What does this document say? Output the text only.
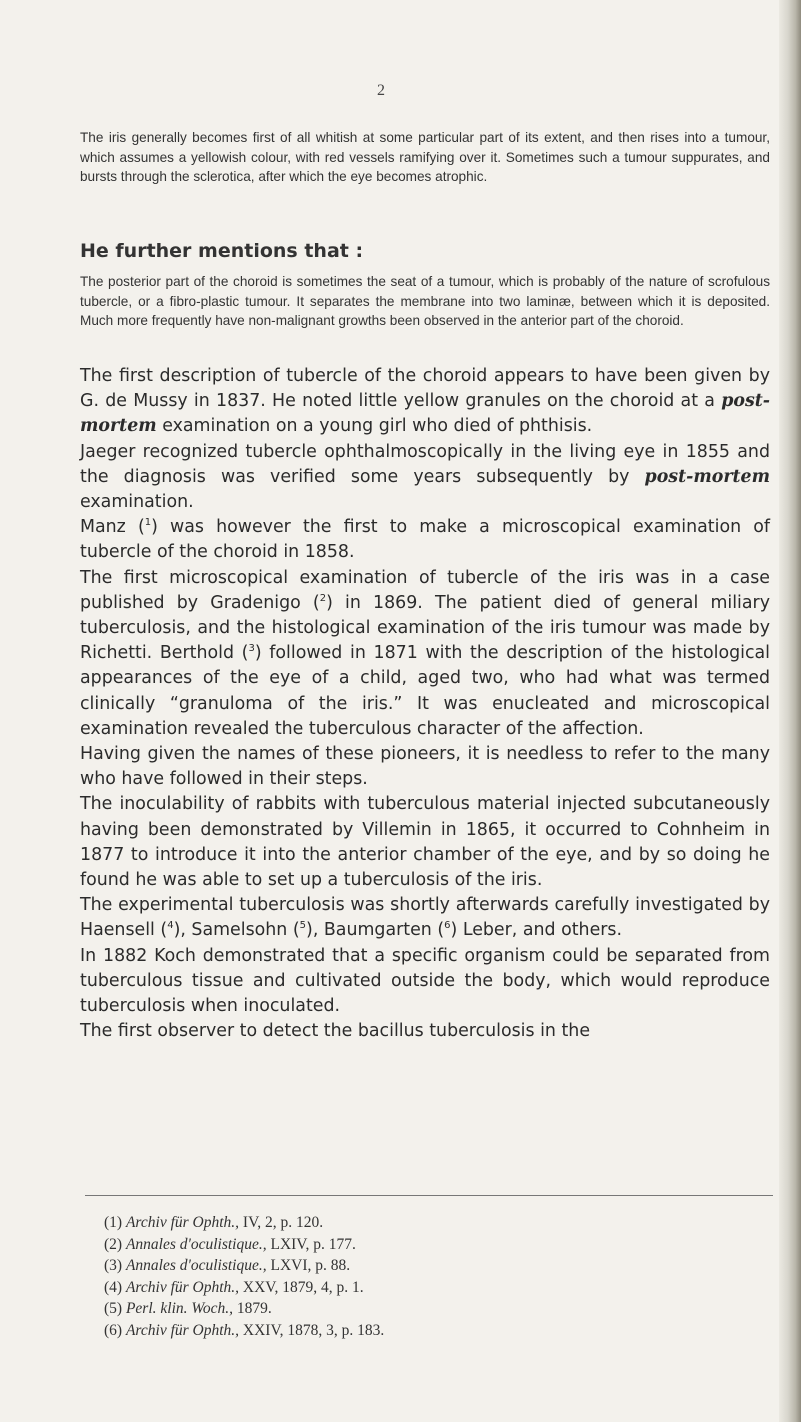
2

The iris generally becomes first of all whitish at some particular part of its extent, and then rises into a tumour, which assumes a yellowish colour, with red vessels ramifying over it. Sometimes such a tumour suppurates, and bursts through the sclerotica, after which the eye becomes atrophic.

He further mentions that :

The posterior part of the choroid is sometimes the seat of a tumour, which is probably of the nature of scrofulous tubercle, or a fibro-plastic tumour. It separates the membrane into two laminæ, between which it is deposited. Much more frequently have non-malignant growths been observed in the anterior part of the choroid.

The first description of tubercle of the choroid appears to have been given by G. de Mussy in 1837. He noted little yellow granules on the choroid at a post-mortem examination on a young girl who died of phthisis.
Jaeger recognized tubercle ophthalmoscopically in the living eye in 1855 and the diagnosis was verified some years subsequently by post-mortem examination.
Manz ($^1$) was however the first to make a microscopical examination of tubercle of the choroid in 1858.
The first microscopical examination of tubercle of the iris was in a case published by Gradenigo ($^2$) in 1869. The patient died of general miliary tuberculosis, and the histological examination of the iris tumour was made by Richetti. Berthold ($^3$) followed in 1871 with the description of the histological appearances of the eye of a child, aged two, who had what was termed clinically “granuloma of the iris.” It was enucleated and microscopical examination revealed the tuberculous character of the affection.
Having given the names of these pioneers, it is needless to refer to the many who have followed in their steps.
The inoculability of rabbits with tuberculous material injected subcutaneously having been demonstrated by Villemin in 1865, it occurred to Cohnheim in 1877 to introduce it into the anterior chamber of the eye, and by so doing he found he was able to set up a tuberculosis of the iris.
The experimental tuberculosis was shortly afterwards carefully investigated by Haensell ($^4$), Samelsohn ($^5$), Baumgarten ($^6$) Leber, and others.
In 1882 Koch demonstrated that a specific organism could be separated from tuberculous tissue and cultivated outside the body, which would reproduce tuberculosis when inoculated.
The first observer to detect the bacillus tuberculosis in the
(1) Archiv für Ophth., IV, 2, p. 120.
(2) Annales d'oculistique., LXIV, p. 177.
(3) Annales d'oculistique., LXVI, p. 88.
(4) Archiv für Ophth., XXV, 1879, 4, p. 1.
(5) Perl. klin. Woch., 1879.
(6) Archiv für Ophth., XXIV, 1878, 3, p. 183.
